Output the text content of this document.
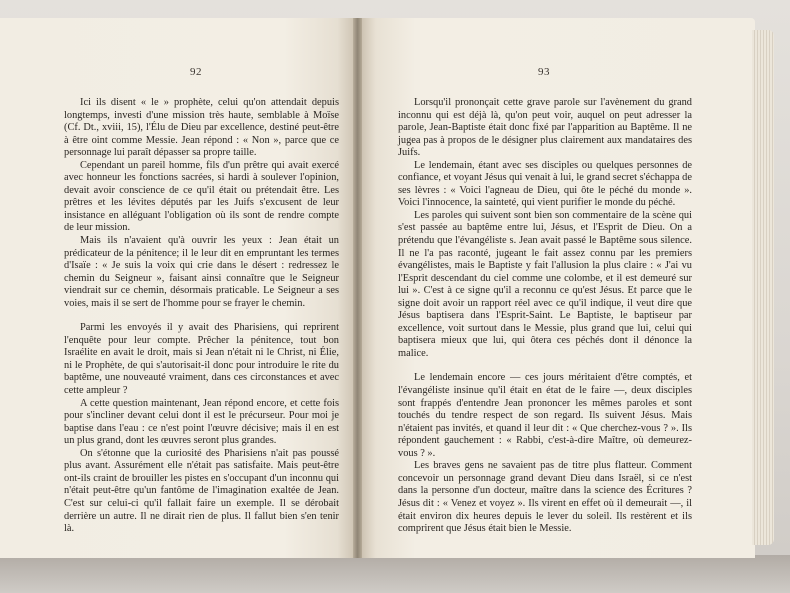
92	93

Ici ils disent « le » prophète, celui qu'on attendait depuis longtemps, investi d'une mission très haute, semblable à Moïse (Cf. Dt., xviii, 15), l'Élu de Dieu par excellence, destiné peut-être à être oint comme Messie. Jean répond : « Non », parce que ce personnage lui paraît dépasser sa propre taille.

Cependant un pareil homme, fils d'un prêtre qui avait exercé avec honneur les fonctions sacrées, si hardi à soulever l'opinion, devait avoir conscience de ce qu'il était ou prétendait être. Les prêtres et les lévites députés par les Juifs s'excusent de leur insistance en alléguant l'obligation où ils sont de rendre compte de leur mission.

Mais ils n'avaient qu'à ouvrir les yeux : Jean était un prédicateur de la pénitence; il le leur dit en empruntant les termes d'Isaïe : « Je suis la voix qui crie dans le désert : redressez le chemin du Seigneur », faisant ainsi connaître que le Seigneur viendrait sur ce chemin, désormais praticable. Le Seigneur a ses voies, mais il se sert de l'homme pour se frayer le chemin.

Parmi les envoyés il y avait des Pharisiens, qui reprirent l'enquête pour leur compte. Prêcher la pénitence, tout bon Israélite en avait le droit, mais si Jean n'était ni le Christ, ni Élie, ni le Prophète, de qui s'autorisait-il donc pour introduire le rite du baptême, une nouveauté vraiment, dans ces circonstances et avec cette ampleur ?

A cette question maintenant, Jean répond encore, et cette fois pour s'incliner devant celui dont il est le précurseur. Pour moi je baptise dans l'eau : ce n'est point l'œuvre décisive; mais il en est un plus grand, dont les œuvres seront plus grandes.

On s'étonne que la curiosité des Pharisiens n'ait pas poussé plus avant. Assurément elle n'était pas satisfaite. Mais peut-être ont-ils craint de brouiller les pistes en s'occupant d'un inconnu qui n'était peut-être qu'un fantôme de l'imagination exaltée de Jean. C'est sur celui-ci qu'il fallait faire un exemple. Il se dérobait derrière un autre. Il ne dirait rien de plus. Il fallut bien s'en tenir là.

Lorsqu'il prononçait cette grave parole sur l'avènement du grand inconnu qui est déjà là, qu'on peut voir, auquel on peut adresser la parole, Jean-Baptiste était donc fixé par l'apparition au Baptême. Il ne jugea pas à propos de le désigner plus clairement aux mandataires des Juifs.

Le lendemain, étant avec ses disciples ou quelques personnes de confiance, et voyant Jésus qui venait à lui, le grand secret s'échappa de ses lèvres : « Voici l'agneau de Dieu, qui ôte le péché du monde ». Voici l'innocence, la sainteté, qui vient purifier le monde du péché.

Les paroles qui suivent sont bien son commentaire de la scène qui s'est passée au baptême entre lui, Jésus, et l'Esprit de Dieu. On a prétendu que l'évangéliste s. Jean avait passé le Baptême sous silence. Il ne l'a pas raconté, jugeant le fait assez connu par les premiers évangélistes, mais le Baptiste y fait l'allusion la plus claire : « J'ai vu l'Esprit descendant du ciel comme une colombe, et il est demeuré sur lui ». C'est à ce signe qu'il a reconnu ce qu'est Jésus. Et parce que le signe doit avoir un rapport réel avec ce qu'il indique, il veut dire que Jésus baptisera dans l'Esprit-Saint. Le Baptiste, le baptiseur par excellence, voit surtout dans le Messie, plus grand que lui, celui qui baptisera mieux que lui, qui ôtera ces péchés dont il dénonce la malice.

Le lendemain encore — ces jours méritaient d'être comptés, et l'évangéliste insinue qu'il était en état de le faire —, deux disciples sont frappés d'entendre Jean prononcer les mêmes paroles et sont touchés du tendre respect de son regard. Ils suivent Jésus. Mais n'étaient pas invités, et quand il leur dit : « Que cherchez-vous ? ». Ils répondent gauchement : « Rabbi, c'est-à-dire Maître, où demeurez-vous ? ».

Les braves gens ne savaient pas de titre plus flatteur. Comment concevoir un personnage grand devant Dieu dans Israël, si ce n'est dans la personne d'un docteur, maître dans la science des Écritures ? Jésus dit : « Venez et voyez ». Ils virent en effet où il demeurait —, il était environ dix heures depuis le lever du soleil. Ils restèrent et ils comprirent que Jésus était bien le Messie.
